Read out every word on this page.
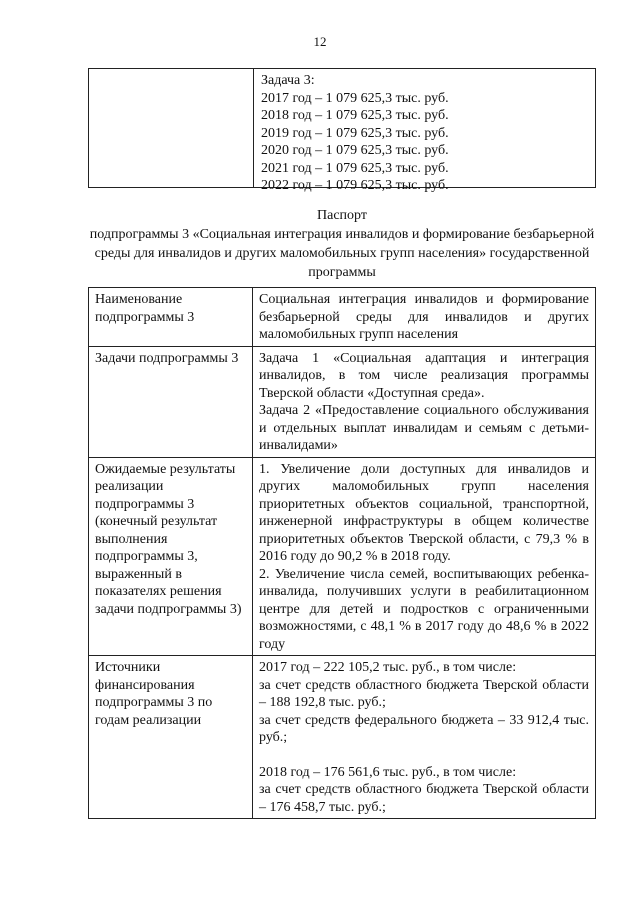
12
Задача 3:
2017 год – 1 079 625,3 тыс. руб.
2018 год – 1 079 625,3 тыс. руб.
2019 год – 1 079 625,3 тыс. руб.
2020 год – 1 079 625,3 тыс. руб.
2021 год – 1 079 625,3 тыс. руб.
2022 год – 1 079 625,3 тыс. руб.
Паспорт
подпрограммы 3 «Социальная интеграция инвалидов и формирование безбарьерной среды для инвалидов и других маломобильных групп населения» государственной программы
Наименование подпрограммы 3	Социальная интеграция инвалидов и формирование безбарьерной среды для инвалидов и других маломобильных групп населения

Задачи подпрограммы 3	Задача 1 «Социальная адаптация и интеграция инвалидов, в том числе реализация программы Тверской области «Доступная среда».

Задача 2 «Предоставление социального обслуживания и отдельных выплат инвалидам и семьям с детьми-инвалидами»

Ожидаемые результаты реализации подпрограммы 3 (конечный результат выполнения подпрограммы 3, выраженный в показателях решения задачи подпрограммы 3)	1. Увеличение доли доступных для инвалидов и других маломобильных групп населения приоритетных объектов социальной, транспортной, инженерной инфраструктуры в общем количестве приоритетных объектов Тверской области, с 79,3 % в 2016 году до 90,2 % в 2018 году.

2. Увеличение числа семей, воспитывающих ребенка-инвалида, получивших услуги в реабилитационном центре для детей и подростков с ограниченными возможностями, с 48,1 % в 2017 году до 48,6 % в 2022 году

Источники финансирования подпрограммы 3 по годам реализации	2017 год – 222 105,2 тыс. руб., в том числе:

за счет средств областного бюджета Тверской области – 188 192,8 тыс. руб.;

за счет средств федерального бюджета – 33 912,4 тыс. руб.;

2018 год – 176 561,6 тыс. руб., в том числе:

за счет средств областного бюджета Тверской области – 176 458,7 тыс. руб.;
